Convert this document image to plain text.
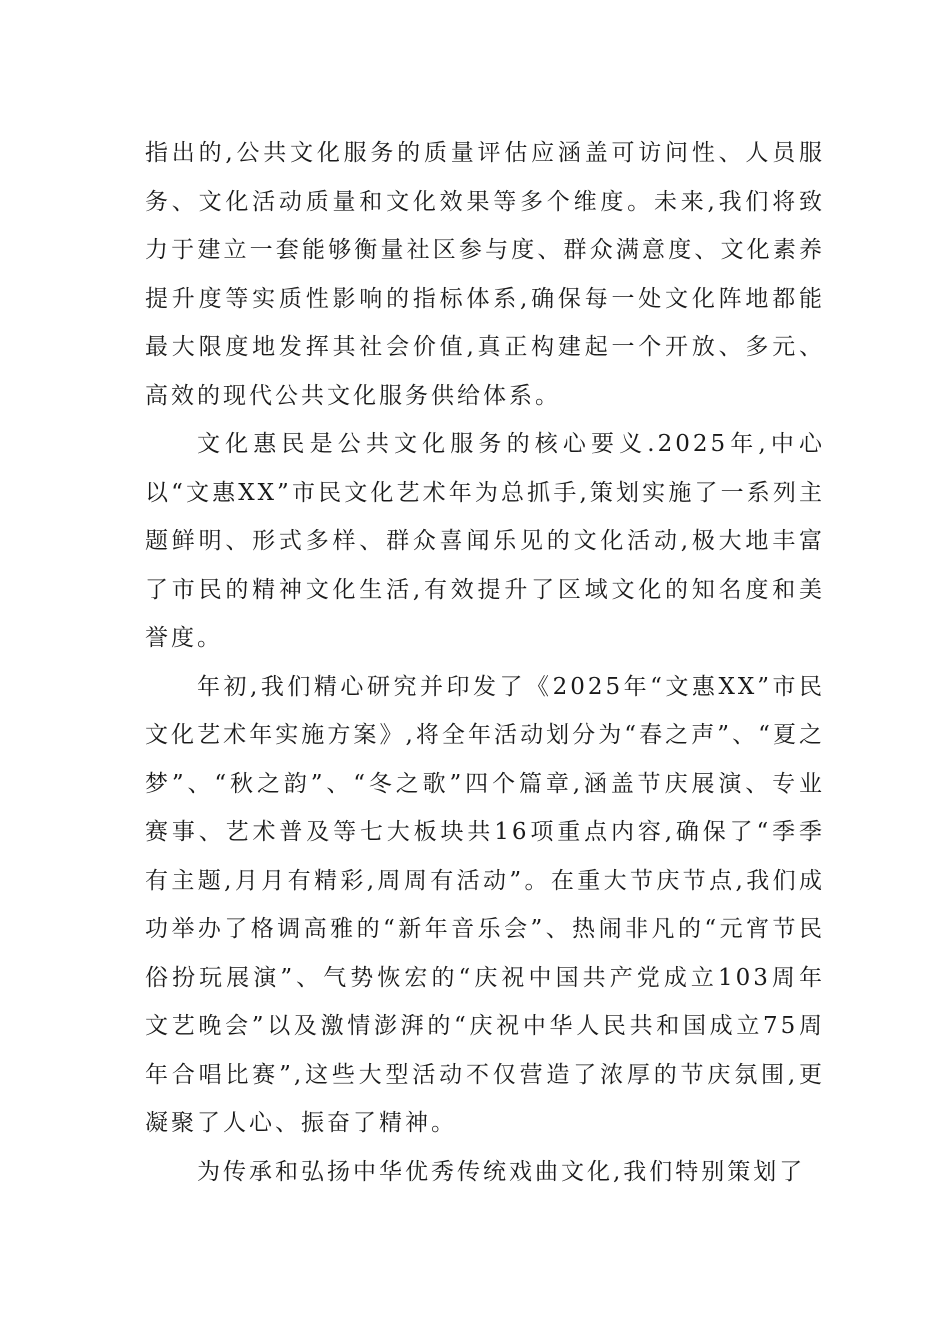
指出的,公共文化服务的质量评估应涵盖可访问性、人员服务、文化活动质量和文化效果等多个维度。未来,我们将致力于建立一套能够衡量社区参与度、群众满意度、文化素养提升度等实质性影响的指标体系,确保每一处文化阵地都能最大限度地发挥其社会价值,真正构建起一个开放、多元、高效的现代公共文化服务供给体系。

文化惠民是公共文化服务的核心要义.2025年,中心以“文惠XX”市民文化艺术年为总抓手,策划实施了一系列主题鲜明、形式多样、群众喜闻乐见的文化活动,极大地丰富了市民的精神文化生活,有效提升了区域文化的知名度和美誉度。

年初,我们精心研究并印发了《2025年“文惠XX”市民文化艺术年实施方案》,将全年活动划分为“春之声”、“夏之梦”、“秋之韵”、“冬之歌”四个篇章,涵盖节庆展演、专业赛事、艺术普及等七大板块共16项重点内容,确保了“季季有主题,月月有精彩,周周有活动”。在重大节庆节点,我们成功举办了格调高雅的“新年音乐会”、热闹非凡的“元宵节民俗扮玩展演”、气势恢宏的“庆祝中国共产党成立103周年文艺晚会”以及激情澎湃的“庆祝中华人民共和国成立75周年合唱比赛”,这些大型活动不仅营造了浓厚的节庆氛围,更凝聚了人心、振奋了精神。

为传承和弘扬中华优秀传统戏曲文化,我们特别策划了
